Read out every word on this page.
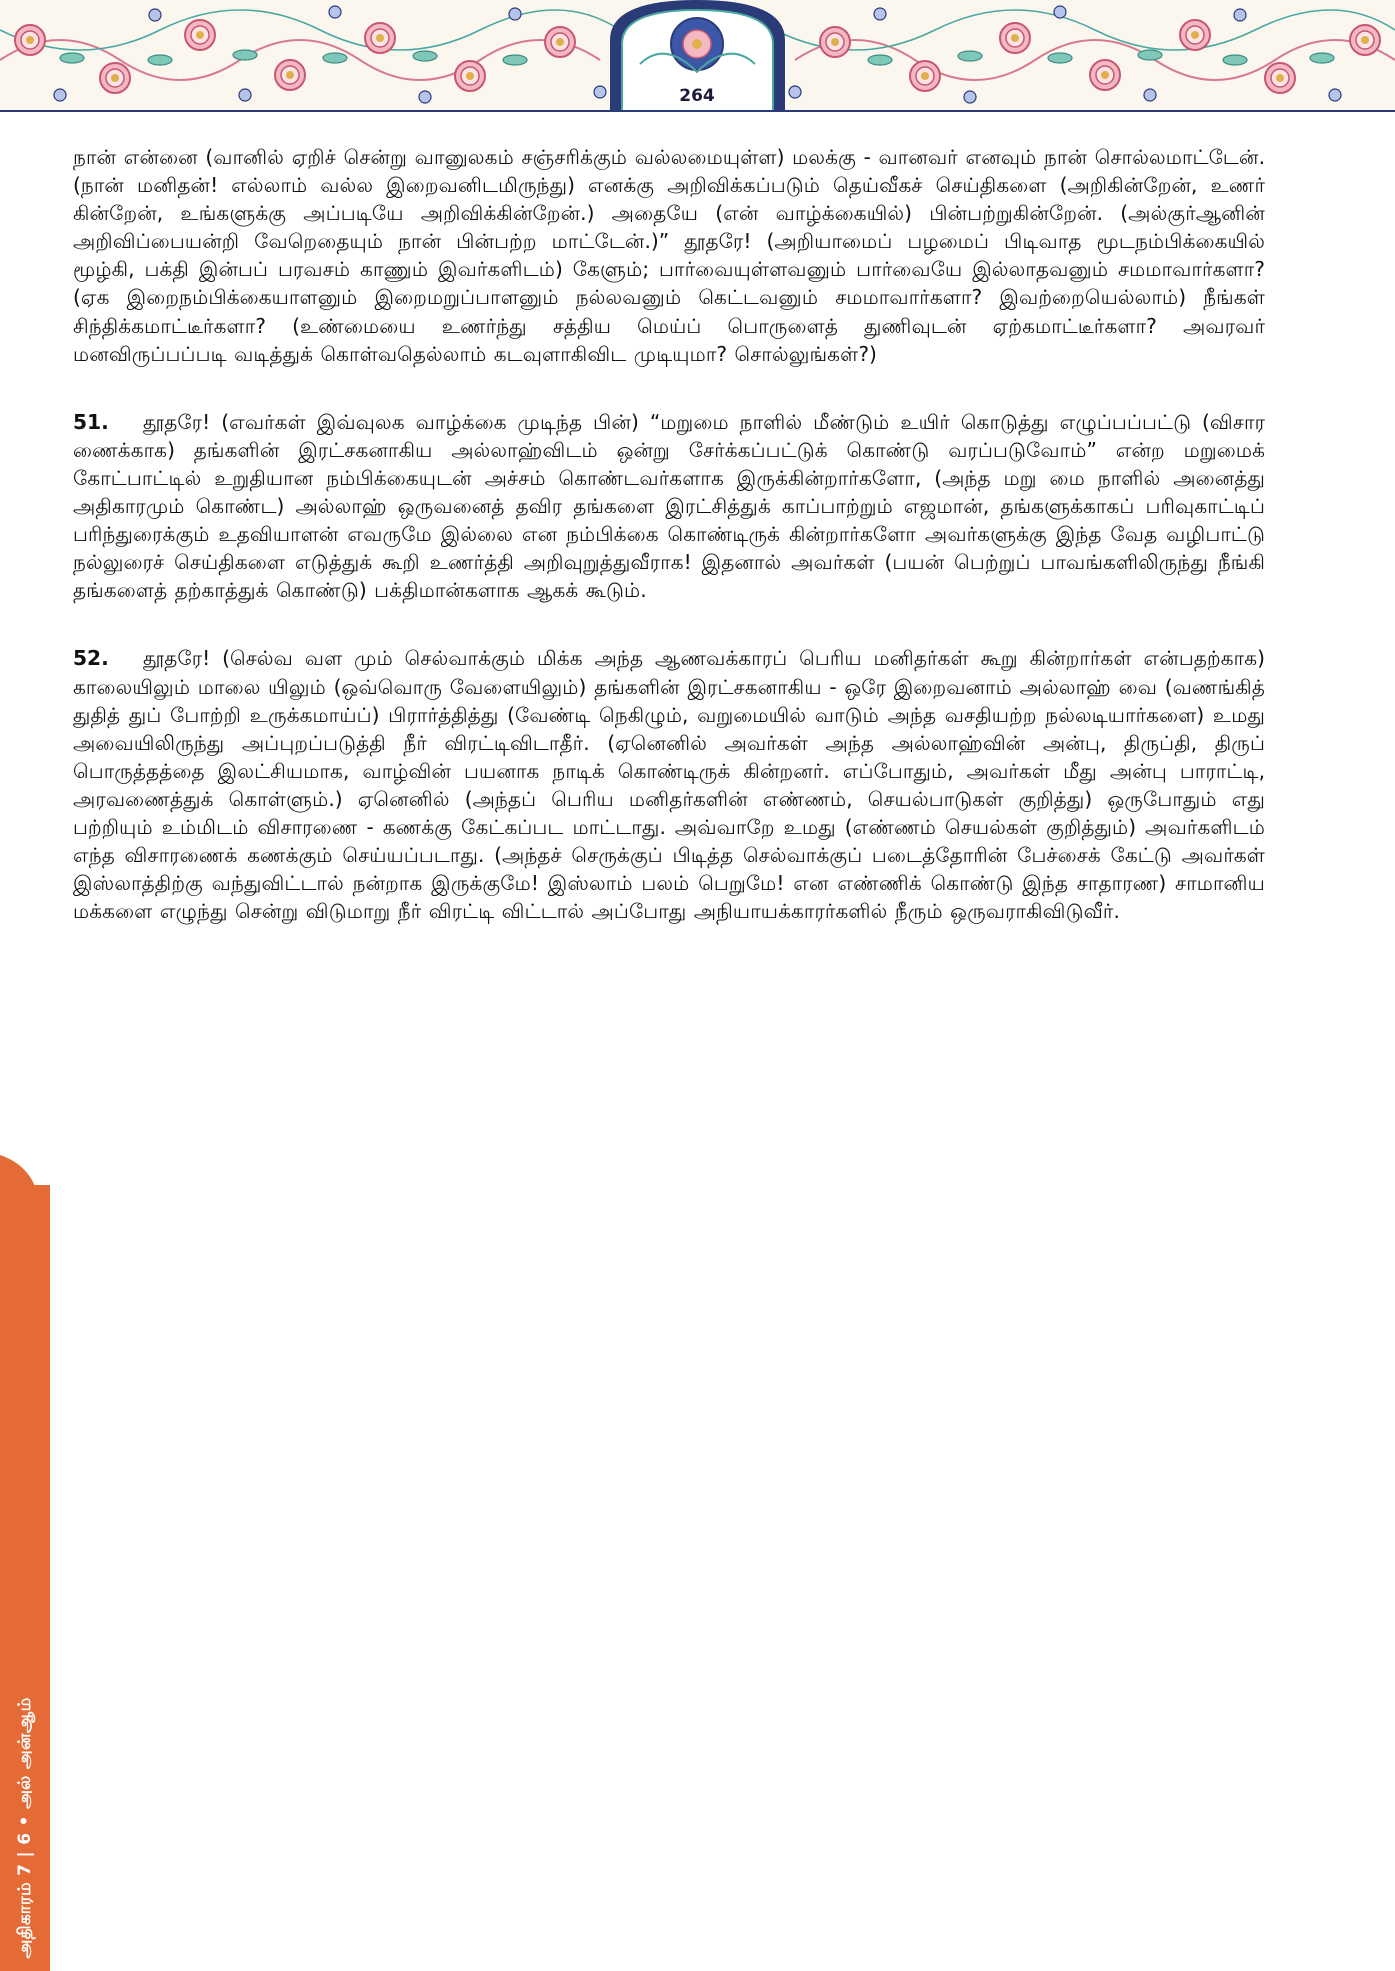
264
அதிகாரம் 7 | 6 • அல் அன்ஆம்

நான் என்னை (வானில் ஏறிச் சென்று வானுலகம் சஞ்சரிக்கும் வல்லமையுள்ள) மலக்கு - வானவர் எனவும் நான் சொல்லமாட்டேன். (நான் மனிதன்! எல்லாம் வல்ல இறைவனிடமிருந்து) எனக்கு அறிவிக்கப்படும் தெய்வீகச் செய்திகளை (அறிகின்றேன், உணர் கின்றேன், உங்களுக்கு அப்படியே அறிவிக்கின்றேன்.) அதையே (என் வாழ்க்கையில்) பின்பற்றுகின்றேன். (அல்குர்ஆனின் அறிவிப்பையன்றி வேறெதையும் நான் பின்பற்ற மாட்டேன்.)” தூதரே! (அறியாமைப் பழமைப் பிடிவாத மூடநம்பிக்கையில் மூழ்கி, பக்தி இன்பப் பரவசம் காணும் இவர்களிடம்) கேளும்; பார்வையுள்ளவனும் பார்வையே இல்லாதவனும் சமமாவார்களா? (ஏக இறைநம்பிக்கையாளனும் இறைமறுப்பாளனும் நல்லவனும் கெட்டவனும் சமமாவார்களா? இவற்றையெல்லாம்) நீங்கள் சிந்திக்கமாட்டீர்களா? (உண்மையை உணர்ந்து சத்திய மெய்ப் பொருளைத் துணிவுடன் ஏற்கமாட்டீர்களா? அவரவர் மனவிருப்பப்படி வடித்துக் கொள்வதெல்லாம் கடவுளாகிவிட முடியுமா? சொல்லுங்கள்?)

51. தூதரே! (எவர்கள் இவ்வுலக வாழ்க்கை முடிந்த பின்) “மறுமை நாளில் மீண்டும் உயிர் கொடுத்து எழுப்பப்பட்டு (விசார ணைக்காக) தங்களின் இரட்சகனாகிய அல்லாஹ்விடம் ஒன்று சேர்க்கப்பட்டுக் கொண்டு வரப்படுவோம்” என்ற மறுமைக் கோட்பாட்டில் உறுதியான நம்பிக்கையுடன் அச்சம் கொண்டவர்களாக இருக்கின்றார்களோ, (அந்த மறு மை நாளில் அனைத்து அதிகாரமும் கொண்ட) அல்லாஹ் ஒருவனைத் தவிர தங்களை இரட்சித்துக் காப்பாற்றும் எஜமான், தங்களுக்காகப் பரிவுகாட்டிப் பரிந்துரைக்கும் உதவியாளன் எவருமே இல்லை என நம்பிக்கை கொண்டிருக் கின்றார்களோ அவர்களுக்கு இந்த வேத வழிபாட்டு நல்லுரைச் செய்திகளை எடுத்துக் கூறி உணர்த்தி அறிவுறுத்துவீராக! இதனால் அவர்கள் (பயன் பெற்றுப் பாவங்களிலிருந்து நீங்கி தங்களைத் தற்காத்துக் கொண்டு) பக்திமான்களாக ஆகக் கூடும்.

52. தூதரே! (செல்வ வள மும் செல்வாக்கும் மிக்க அந்த ஆணவக்காரப் பெரிய மனிதர்கள் கூறு கின்றார்கள் என்பதற்காக) காலையிலும் மாலை யிலும் (ஒவ்வொரு வேளையிலும்) தங்களின் இரட்சகனாகிய - ஒரே இறைவனாம் அல்லாஹ் வை (வணங்கித் துதித் துப் போற்றி உருக்கமாய்ப்) பிரார்த்தித்து (வேண்டி நெகிழும், வறுமையில் வாடும் அந்த வசதியற்ற நல்லடியார்களை) உமது அவையிலிருந்து அப்புறப்படுத்தி நீர் விரட்டிவிடாதீர். (ஏனெனில் அவர்கள் அந்த அல்லாஹ்வின் அன்பு, திருப்தி, திருப் பொருத்தத்தை இலட்சியமாக, வாழ்வின் பயனாக நாடிக் கொண்டிருக் கின்றனர். எப்போதும், அவர்கள் மீது அன்பு பாராட்டி, அரவணைத்துக் கொள்ளும்.) ஏனெனில் (அந்தப் பெரிய மனிதர்களின் எண்ணம், செயல்பாடுகள் குறித்து) ஒருபோதும் எது பற்றியும் உம்மிடம் விசாரணை - கணக்கு கேட்கப்பட மாட்டாது. அவ்வாறே உமது (எண்ணம் செயல்கள் குறித்தும்) அவர்களிடம் எந்த விசாரணைக் கணக்கும் செய்யப்படாது. (அந்தச் செருக்குப் பிடித்த செல்வாக்குப் படைத்தோரின் பேச்சைக் கேட்டு அவர்கள் இஸ்லாத்திற்கு வந்துவிட்டால் நன்றாக இருக்குமே! இஸ்லாம் பலம் பெறுமே! என எண்ணிக் கொண்டு இந்த சாதாரண) சாமானிய மக்களை எழுந்து சென்று விடுமாறு நீர் விரட்டி விட்டால் அப்போது அநியாயக்காரர்களில் நீரும் ஒருவராகிவிடுவீர்.
